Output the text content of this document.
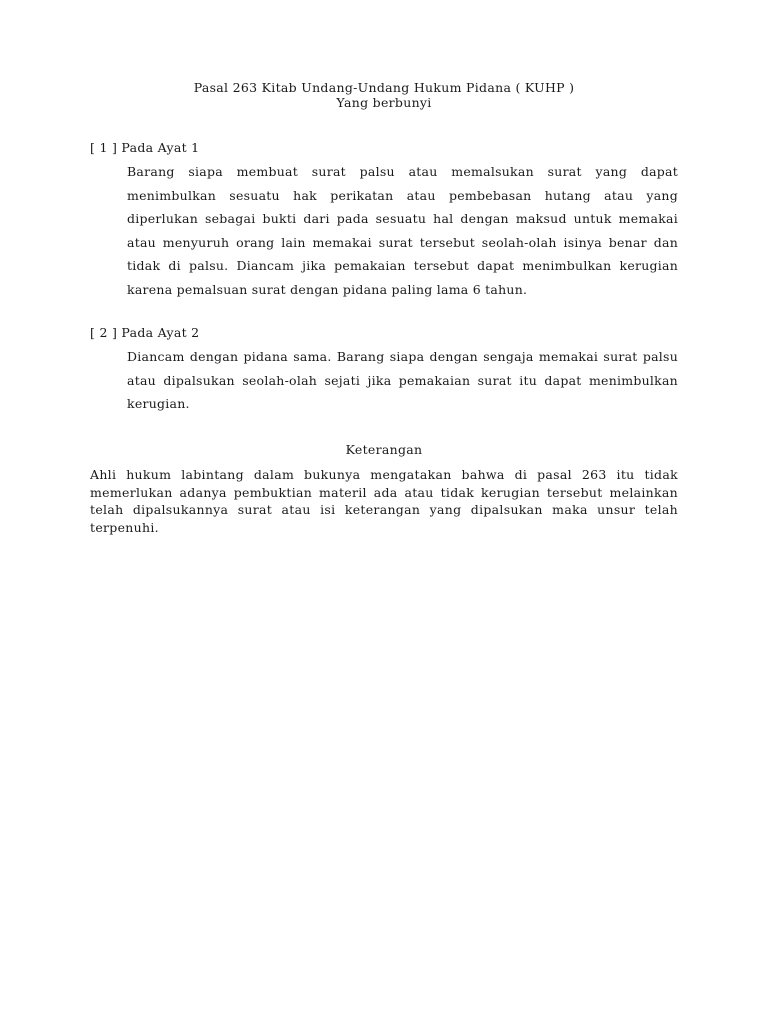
Pasal 263 Kitab Undang-Undang Hukum Pidana ( KUHP )
Yang berbunyi
[ 1 ] Pada Ayat 1
Barang siapa membuat surat palsu atau memalsukan surat yang dapat menimbulkan sesuatu hak perikatan atau pembebasan hutang atau yang diperlukan sebagai bukti dari pada sesuatu hal dengan maksud untuk memakai atau menyuruh orang lain memakai surat tersebut seolah-olah isinya benar dan tidak di palsu. Diancam jika pemakaian tersebut dapat menimbulkan kerugian karena pemalsuan surat dengan pidana paling lama 6 tahun.
[ 2 ] Pada Ayat 2
Diancam dengan pidana sama. Barang siapa dengan sengaja memakai surat palsu atau dipalsukan seolah-olah sejati jika pemakaian surat itu dapat menimbulkan kerugian.
Keterangan
Ahli hukum labintang dalam bukunya mengatakan bahwa di pasal 263 itu tidak memerlukan adanya pembuktian materil ada atau tidak kerugian tersebut melainkan telah dipalsukannya surat atau isi keterangan yang dipalsukan maka unsur telah terpenuhi.
